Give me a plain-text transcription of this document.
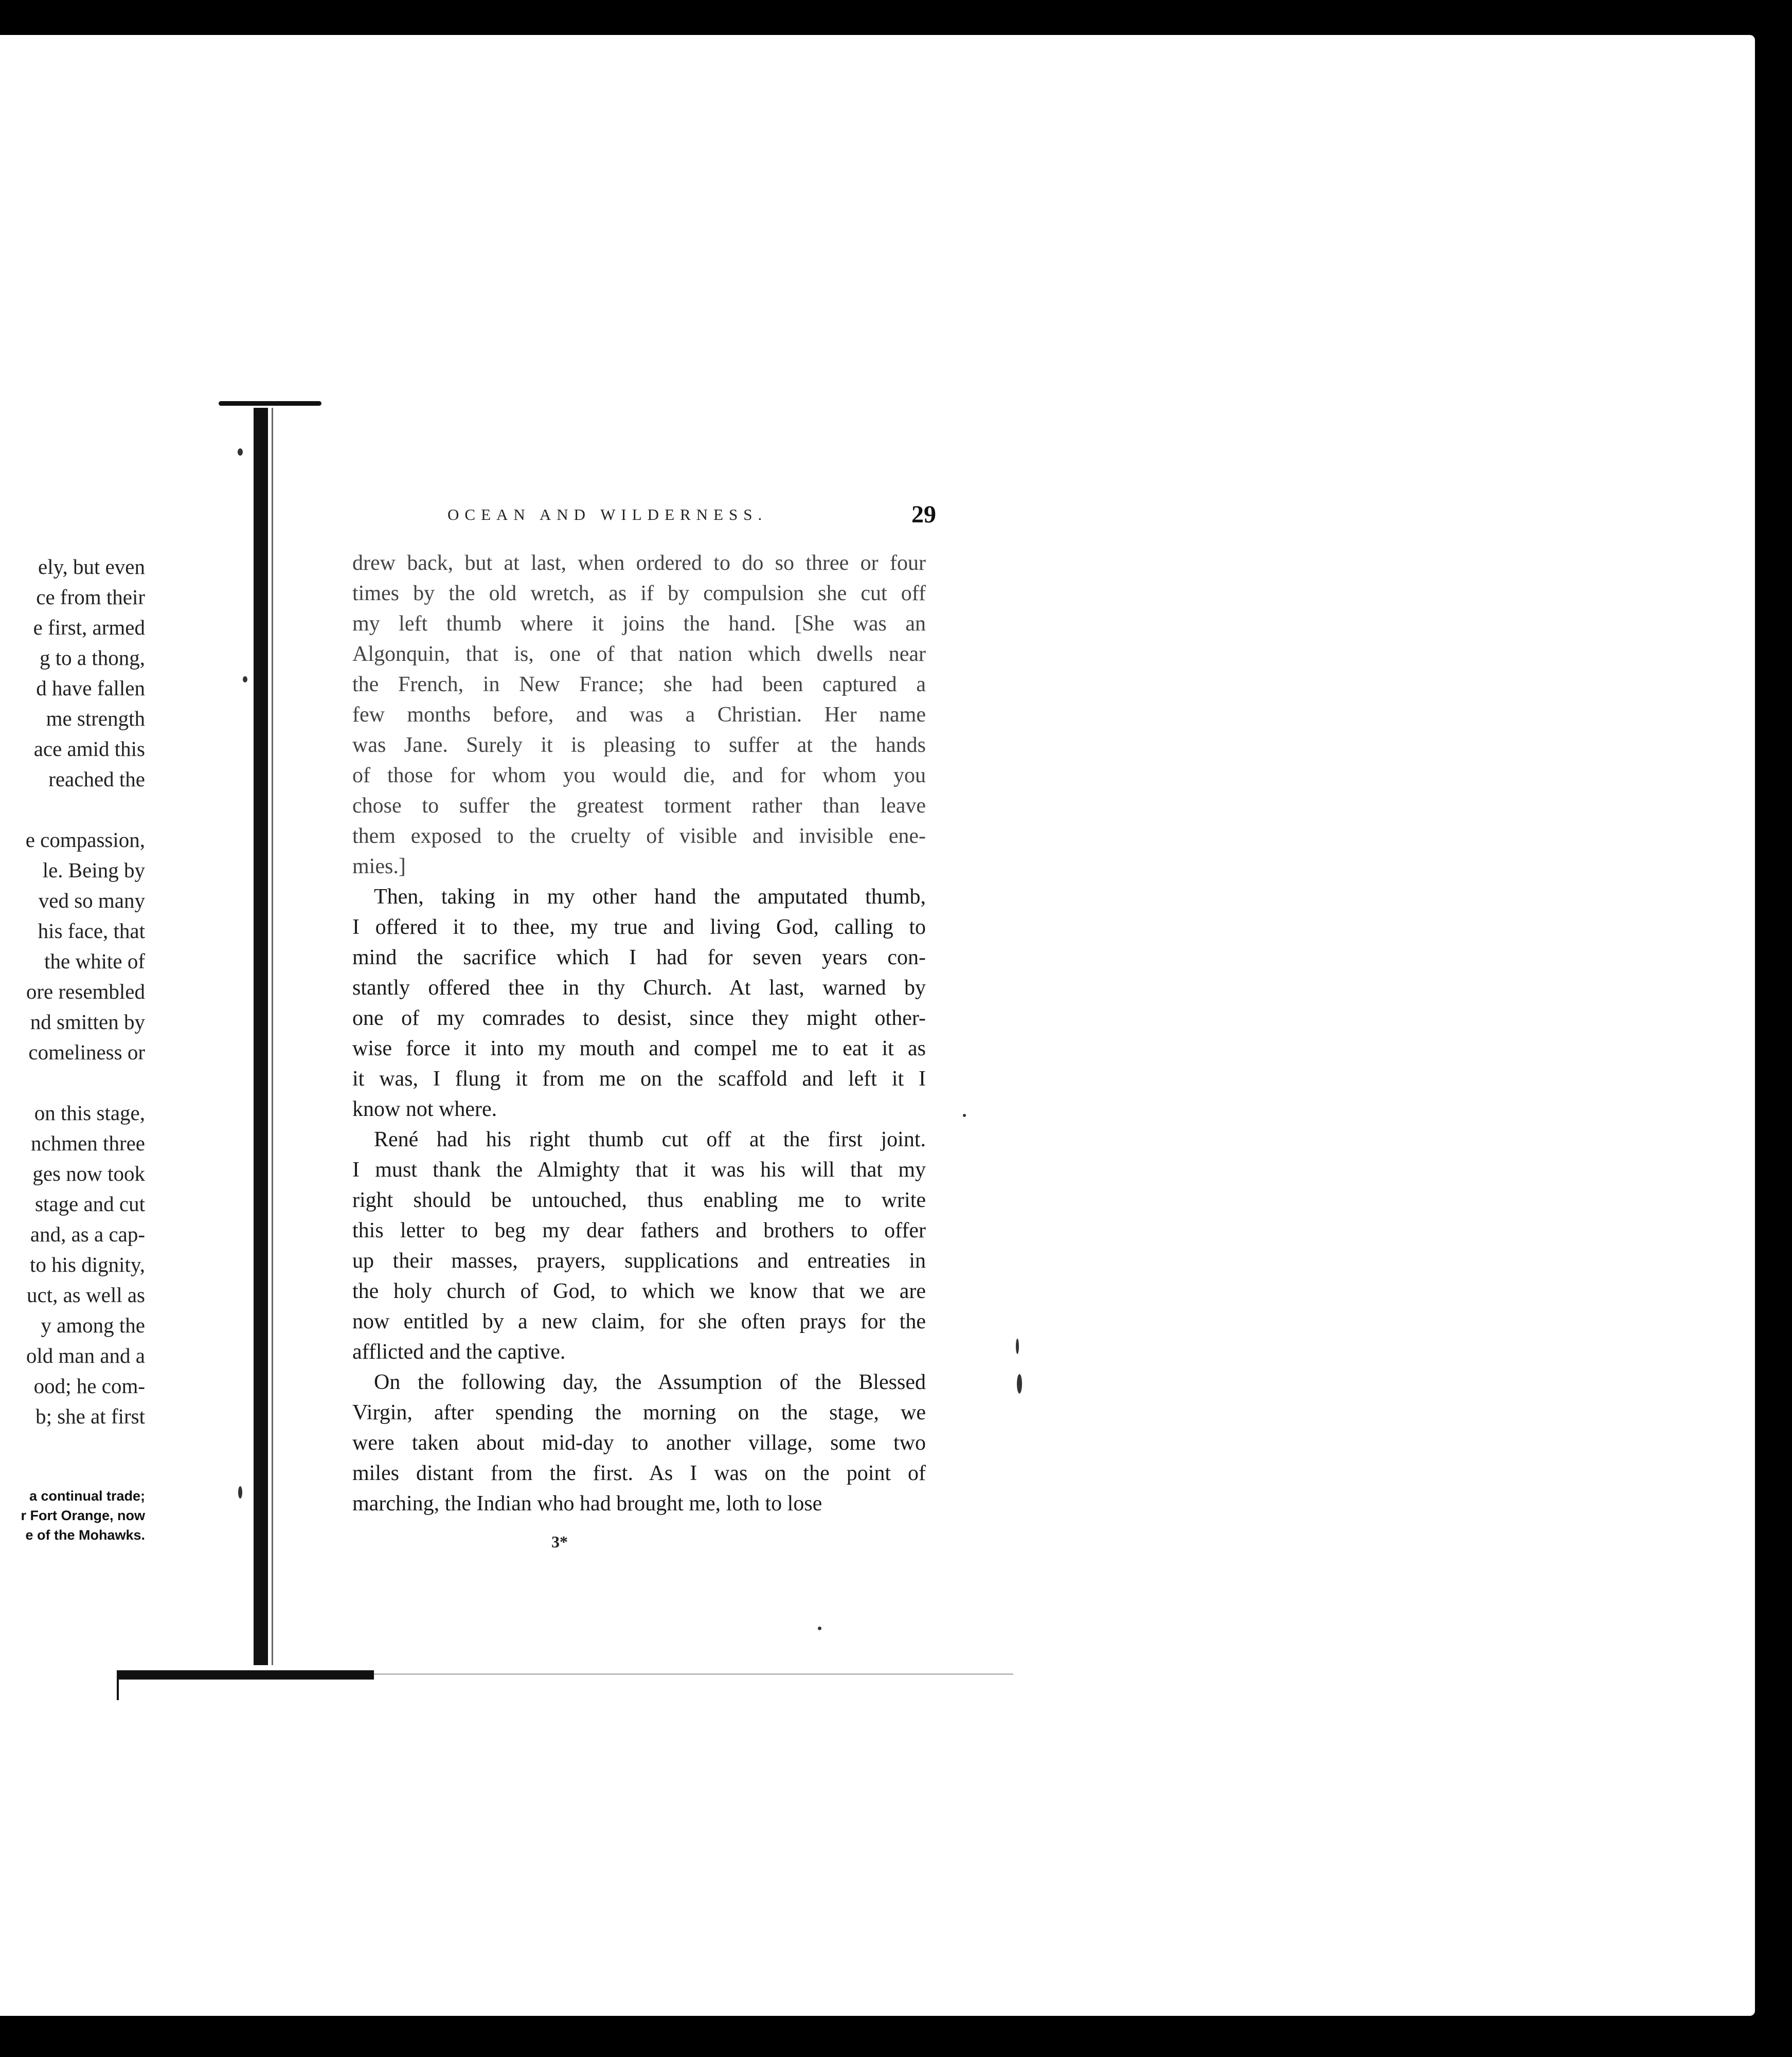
ely, but even
ce from their
e first, armed
g to a thong,
d have fallen
me strength
ace amid this
reached the
e compassion,
le. Being by
ved so many
his face, that
the white of
ore resembled
nd smitten by
comeliness or
on this stage,
nchmen three
ges now took
stage and cut
and, as a cap-
to his dignity,
uct, as well as
y among the
old man and a
ood; he com-
b; she at first
a continual trade;
r Fort Orange, now
e of the Mohawks.
OCEAN AND WILDERNESS.	29
drew back, but at last, when ordered to do so three or four
times by the old wretch, as if by compulsion she cut off
my left thumb where it joins the hand. [She was an
Algonquin, that is, one of that nation which dwells near
the French, in New France; she had been captured a
few months before, and was a Christian. Her name
was Jane. Surely it is pleasing to suffer at the hands
of those for whom you would die, and for whom you
chose to suffer the greatest torment rather than leave
them exposed to the cruelty of visible and invisible ene-
mies.]
Then, taking in my other hand the amputated thumb,
I offered it to thee, my true and living God, calling to
mind the sacrifice which I had for seven years con-
stantly offered thee in thy Church. At last, warned by
one of my comrades to desist, since they might other-
wise force it into my mouth and compel me to eat it as
it was, I flung it from me on the scaffold and left it I
know not where.
René had his right thumb cut off at the first joint.
I must thank the Almighty that it was his will that my
right should be untouched, thus enabling me to write
this letter to beg my dear fathers and brothers to offer
up their masses, prayers, supplications and entreaties in
the holy church of God, to which we know that we are
now entitled by a new claim, for she often prays for the
afflicted and the captive.
On the following day, the Assumption of the Blessed
Virgin, after spending the morning on the stage, we
were taken about mid-day to another village, some two
miles distant from the first. As I was on the point of
marching, the Indian who had brought me, loth to lose
3*
